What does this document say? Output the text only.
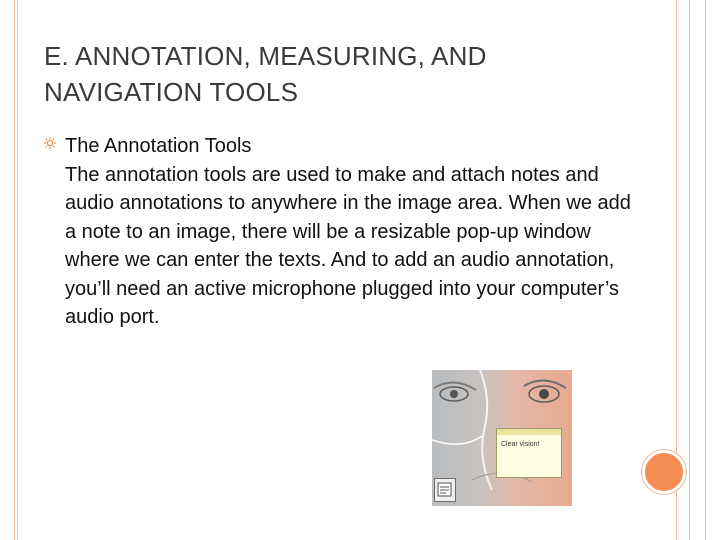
E. ANNOTATION, MEASURING, AND NAVIGATION TOOLS
The Annotation Tools
The annotation tools are used to make and attach notes and audio annotations to anywhere in the image area. When we add a note to an image, there will be a resizable pop-up window where we can enter the texts. And to add an audio annotation, you’ll need an active microphone plugged into your computer’s audio port.
Clear vision!
